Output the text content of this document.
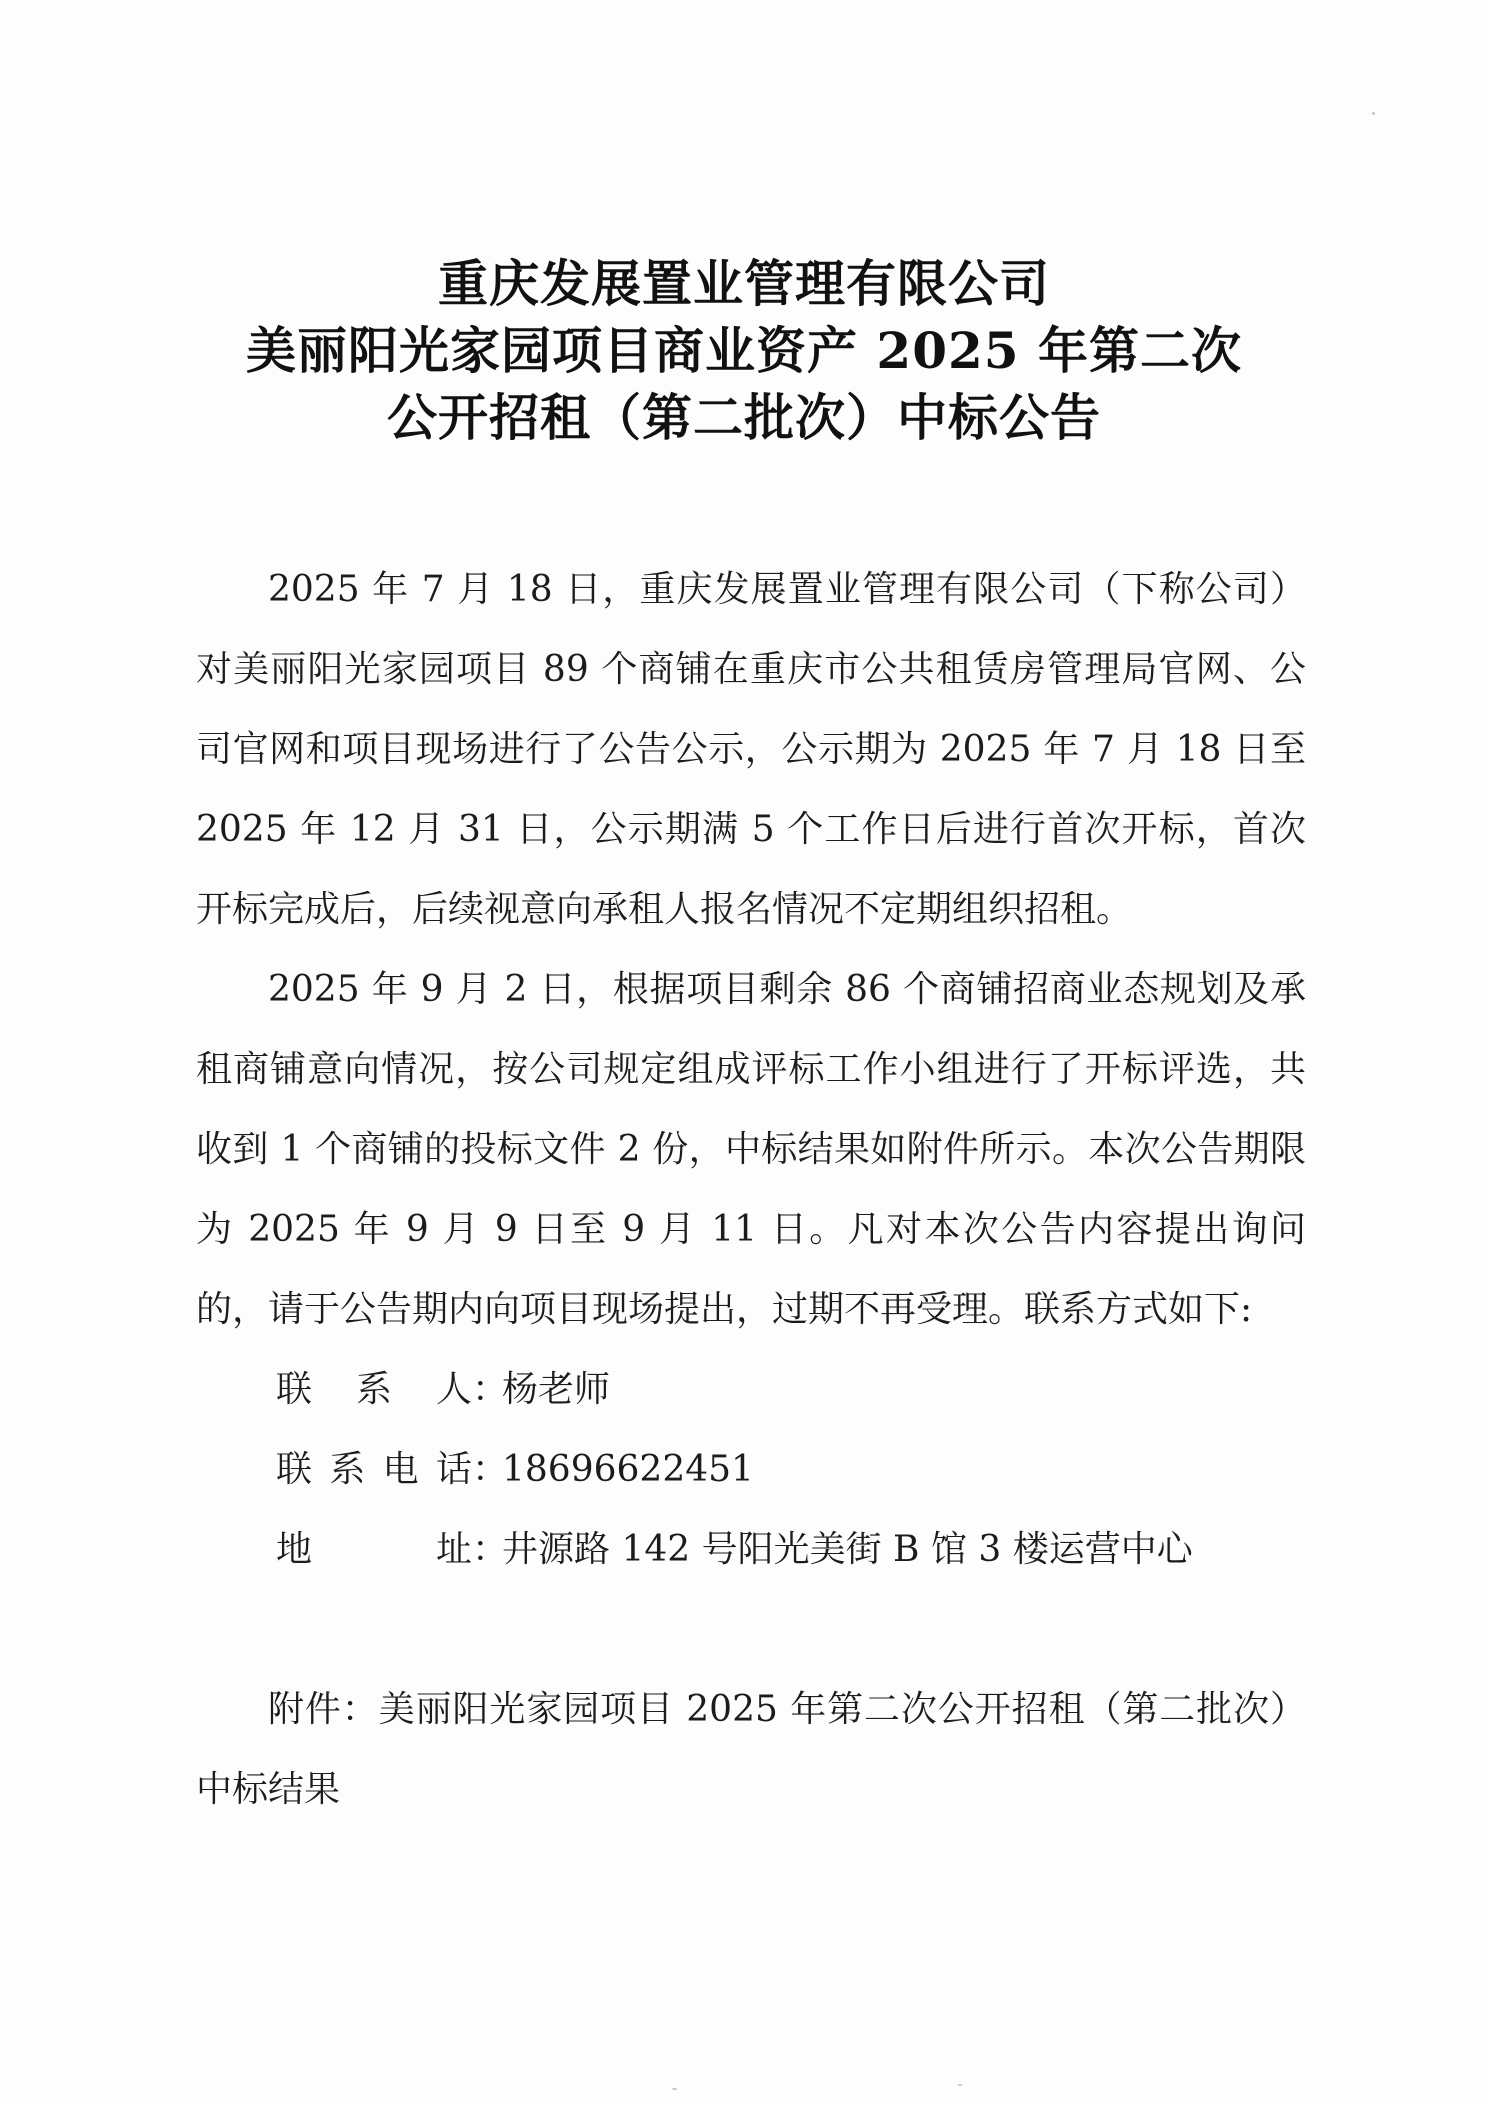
重庆发展置业管理有限公司
美丽阳光家园项目商业资产 2025 年第二次
公开招租（第二批次）中标公告

2025 年 7 月 18 日，重庆发展置业管理有限公司（下称公司）对美丽阳光家园项目 89 个商铺在重庆市公共租赁房管理局官网、公司官网和项目现场进行了公告公示，公示期为 2025 年 7 月 18 日至 2025 年 12 月 31 日，公示期满 5 个工作日后进行首次开标，首次开标完成后，后续视意向承租人报名情况不定期组织招租。

2025 年 9 月 2 日，根据项目剩余 86 个商铺招商业态规划及承租商铺意向情况，按公司规定组成评标工作小组进行了开标评选，共收到 1 个商铺的投标文件 2 份，中标结果如附件所示。本次公告期限为 2025 年 9 月 9 日至 9 月 11 日。凡对本次公告内容提出询问的，请于公告期内向项目现场提出，过期不再受理。联系方式如下:

联系人 ：
杨老师
联系电话 ：
18696622451
地址 ：
井源路 142 号阳光美街 B 馆 3 楼运营中心

附件：美丽阳光家园项目 2025 年第二次公开招租（第二批次）中标结果
